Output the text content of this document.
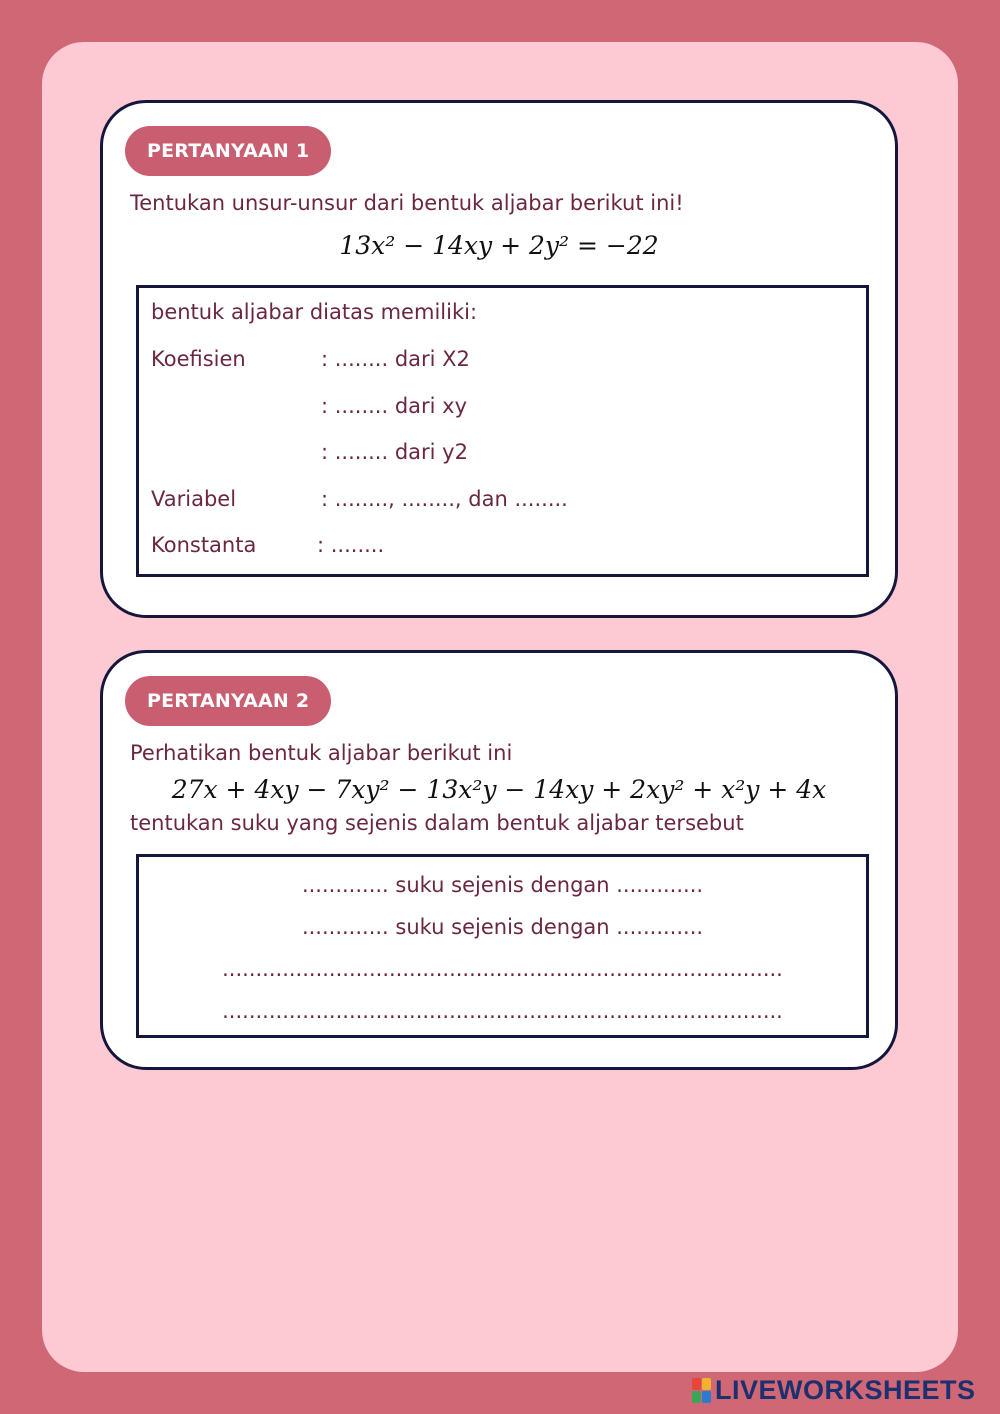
PERTANYAAN 1
Tentukan unsur-unsur dari bentuk aljabar berikut ini!
13x² − 14xy + 2y² = −22
bentuk aljabar diatas memiliki:
Koefisien	: ........ dari X2
: ........ dari xy
: ........ dari y2
Variabel	: ........, ........, dan ........
Konstanta	: ........
PERTANYAAN 2
Perhatikan bentuk aljabar berikut ini
27x + 4xy − 7xy² − 13x²y − 14xy + 2xy² + x²y + 4x
tentukan suku yang sejenis dalam bentuk aljabar tersebut
............. suku sejenis dengan .............
............. suku sejenis dengan .............
....................................................................................
....................................................................................
LIVEWORKSHEETS
